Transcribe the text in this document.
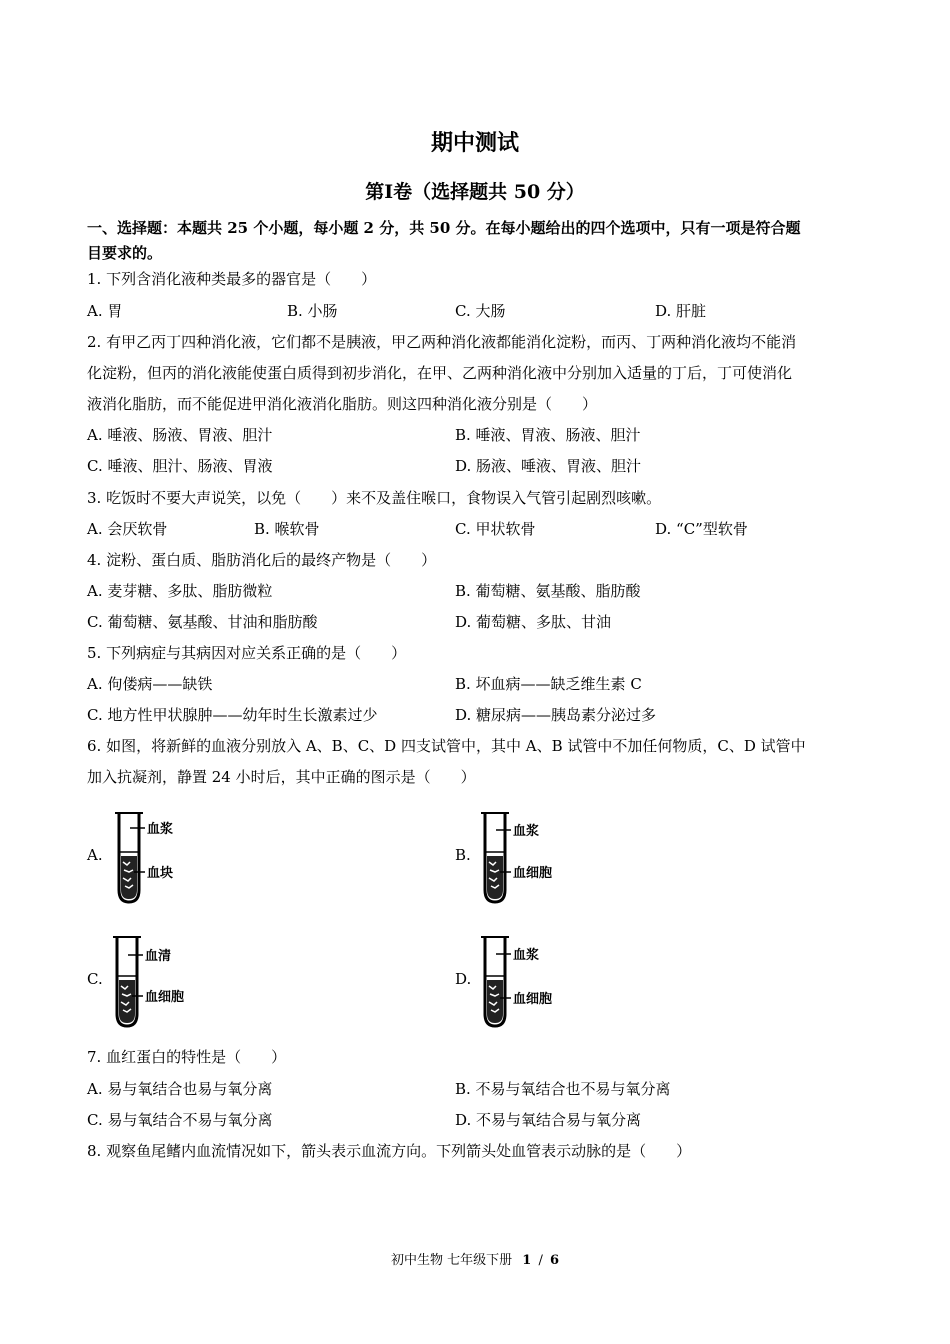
期中测试
第Ⅰ卷（选择题共 50 分）
一、选择题：本题共 25 个小题，每小题 2 分，共 50 分。在每小题给出的四个选项中，只有一项是符合题
目要求的。
1. 下列含消化液种类最多的器官是（　　）
A. 胃	B. 小肠	C. 大肠	D. 肝脏
2. 有甲乙丙丁四种消化液，它们都不是胰液，甲乙两种消化液都能消化淀粉，而丙、丁两种消化液均不能消
化淀粉，但丙的消化液能使蛋白质得到初步消化，在甲、乙两种消化液中分别加入适量的丁后，丁可使消化
液消化脂肪，而不能促进甲消化液消化脂肪。则这四种消化液分别是（　　）
A. 唾液、肠液、胃液、胆汁	B. 唾液、胃液、肠液、胆汁
C. 唾液、胆汁、肠液、胃液	D. 肠液、唾液、胃液、胆汁
3. 吃饭时不要大声说笑，以免（　　）来不及盖住喉口，食物误入气管引起剧烈咳嗽。
A. 会厌软骨	B. 喉软骨	C. 甲状软骨	D. “C”型软骨
4. 淀粉、蛋白质、脂肪消化后的最终产物是（　　）
A. 麦芽糖、多肽、脂肪微粒	B. 葡萄糖、氨基酸、脂肪酸
C. 葡萄糖、氨基酸、甘油和脂肪酸	D. 葡萄糖、多肽、甘油
5. 下列病症与其病因对应关系正确的是（　　）
A. 佝偻病——缺铁	B. 坏血病——缺乏维生素 C
C. 地方性甲状腺肿——幼年时生长激素过少	D. 糖尿病——胰岛素分泌过多
6. 如图，将新鲜的血液分别放入 A、B、C、D 四支试管中，其中 A、B 试管中不加任何物质，C、D 试管中
加入抗凝剂，静置 24 小时后，其中正确的图示是（　　）
A.
血浆
血块
B.
血浆
血细胞
C.
血清
血细胞
D.
血浆
血细胞
7. 血红蛋白的特性是（　　）
A. 易与氧结合也易与氧分离	B. 不易与氧结合也不易与氧分离
C. 易与氧结合不易与氧分离	D. 不易与氧结合易与氧分离
8. 观察鱼尾鳍内血流情况如下，箭头表示血流方向。下列箭头处血管表示动脉的是（　　）
初中生物 七年级下册 1 / 6
